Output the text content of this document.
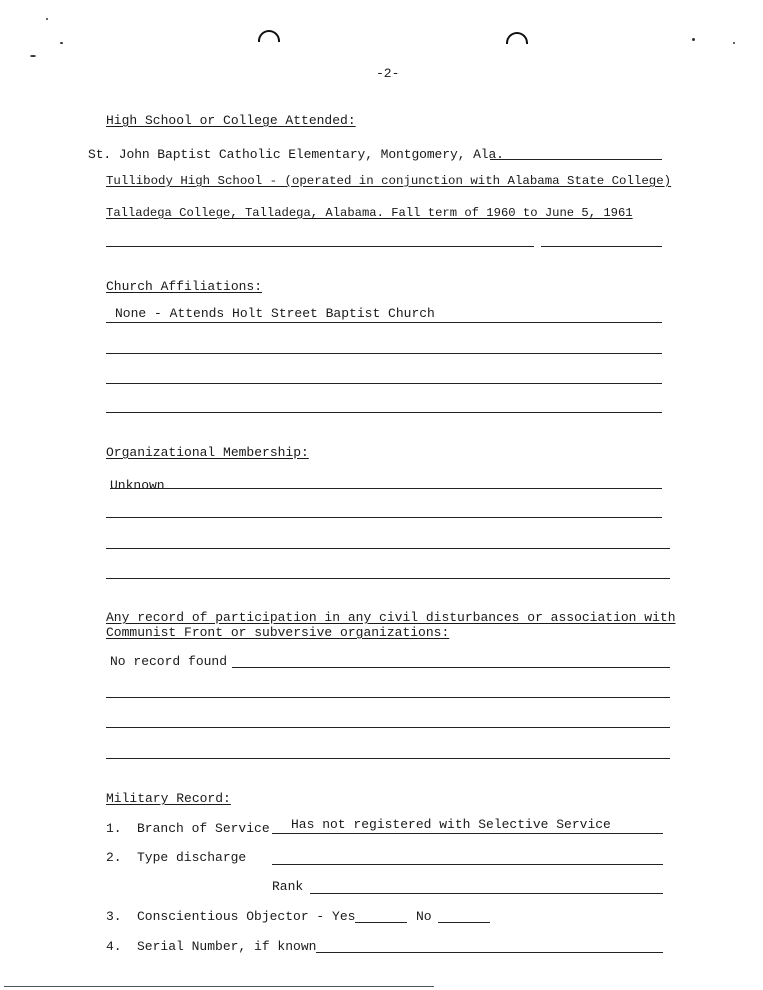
-2-
High School or College Attended:
St. John Baptist Catholic Elementary, Montgomery, Ala.
Tullibody High School - (operated in conjunction with Alabama State College)
Talladega College, Talladega, Alabama. Fall term of 1960 to June 5, 1961
Church Affiliations:
None - Attends Holt Street Baptist Church
Organizational Membership:
Unknown
Any record of participation in any civil disturbances or association with
Communist Front or subversive organizations:
No record found
Military Record:
1. Branch of Service Has not registered with Selective Service
2. Type discharge
Rank
3. Conscientious Objector - Yes	No
4. Serial Number, if known
